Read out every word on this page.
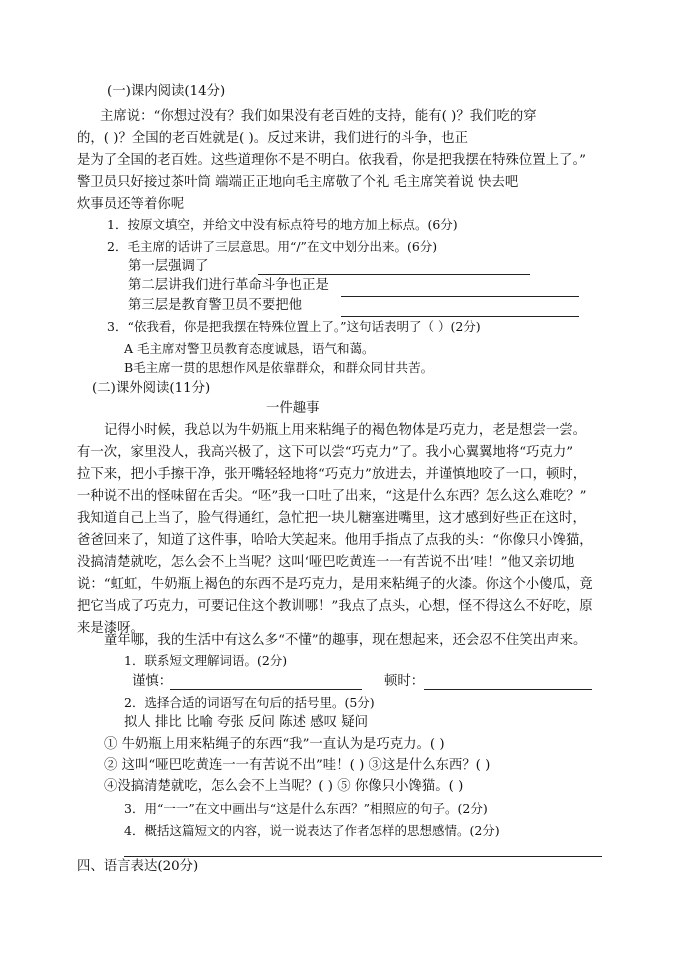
(一)课内阅读(14分)
主席说：“你想过没有？我们如果没有老百姓的支持，能有( )？我们吃的穿
的，( )？全国的老百姓就是( )。反过来讲，我们进行的斗争，也正
是为了全国的老百姓。这些道理你不是不明白。依我看，你是把我摆在特殊位置上了。”
警卫员只好接过茶叶筒 端端正正地向毛主席敬了个礼 毛主席笑着说 快去吧
炊事员还等着你呢
1．按原文填空，并给文中没有标点符号的地方加上标点。(6分)
2．毛主席的话讲了三层意思。用“/”在文中划分出来。(6分)
第一层强调了
第二层讲我们进行革命斗争也正是
第三层是教育警卫员不要把他
3．“依我看，你是把我摆在特殊位置上了。”这句话表明了（ ）(2分)
A 毛主席对警卫员教育态度诚恳，语气和蔼。
B毛主席一贯的思想作风是依靠群众，和群众同甘共苦。
(二)课外阅读(11分)
一件趣事
记得小时候，我总以为牛奶瓶上用来粘绳子的褐色物体是巧克力，老是想尝一尝。
有一次，家里没人，我高兴极了，这下可以尝“巧克力”了。我小心翼翼地将“巧克力”
拉下来，把小手擦干净，张开嘴轻轻地将“巧克力”放进去，并谨慎地咬了一口，顿时，
一种说不出的怪味留在舌尖。“呸”我一口吐了出来，“这是什么东西？怎么这么难吃？”
我知道自己上当了，脸气得通红，急忙把一块儿糖塞进嘴里，这才感到好些正在这时，
爸爸回来了，知道了这件事，哈哈大笑起来。他用手指点了点我的头：“你像只小馋猫，
没搞清楚就吃，怎么会不上当呢？这叫‘哑巴吃黄连一一有苦说不出’哇！”他又亲切地
说：“虹虹，牛奶瓶上褐色的东西不是巧克力，是用来粘绳子的火漆。你这个小傻瓜，竟
把它当成了巧克力，可要记住这个教训哪！”我点了点头，心想，怪不得这么不好吃，原
来是漆呀。
童年哪，我的生活中有这么多“不懂”的趣事，现在想起来，还会忍不住笑出声来。
1．联系短文理解词语。(2分)
谨慎：	顿时：
2．选择合适的词语写在句后的括号里。(5分)
拟人 排比 比喻 夸张 反问 陈述 感叹 疑问
① 牛奶瓶上用来粘绳子的东西“我”一直认为是巧克力。( )
② 这叫“哑巴吃黄连一一有苦说不出”哇！( ) ③这是什么东西？( )
④没搞清楚就吃，怎么会不上当呢？( ) ⑤ 你像只小馋猫。( )
3．用“一一”在文中画出与“这是什么东西？”相照应的句子。(2分)
4．概括这篇短文的内容，说一说表达了作者怎样的思想感情。(2分)
四、语言表达(20分)
